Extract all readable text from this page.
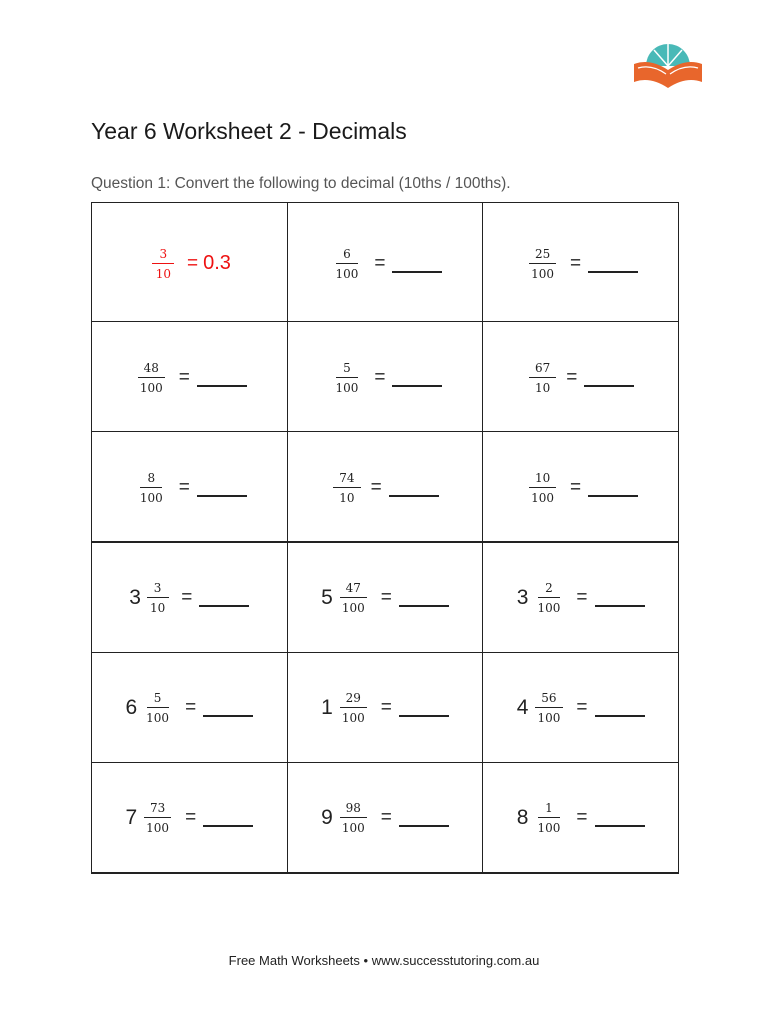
Year 6 Worksheet 2 - Decimals
Question 1: Convert the following to decimal (10ths / 100ths).
$\frac{3}{10} = 0.3$	$\frac{6}{100}$ =	$\frac{25}{100}$ =

$\frac{48}{100}$ =	$\frac{5}{100}$ =	$\frac{67}{10}$ =

$\frac{8}{100}$ =	$\frac{74}{10}$ =	$\frac{10}{100}$ =

$3 \frac{3}{10}$ =	$5 \frac{47}{100}$ =	$3 \frac{2}{100}$ =

$6 \frac{5}{100}$ =	$1 \frac{29}{100}$ =	$4 \frac{56}{100}$ =

$7 \frac{73}{100}$ =	$9 \frac{98}{100}$ =	$8 \frac{1}{100}$ =
Free Math Worksheets • www.successtutoring.com.au
